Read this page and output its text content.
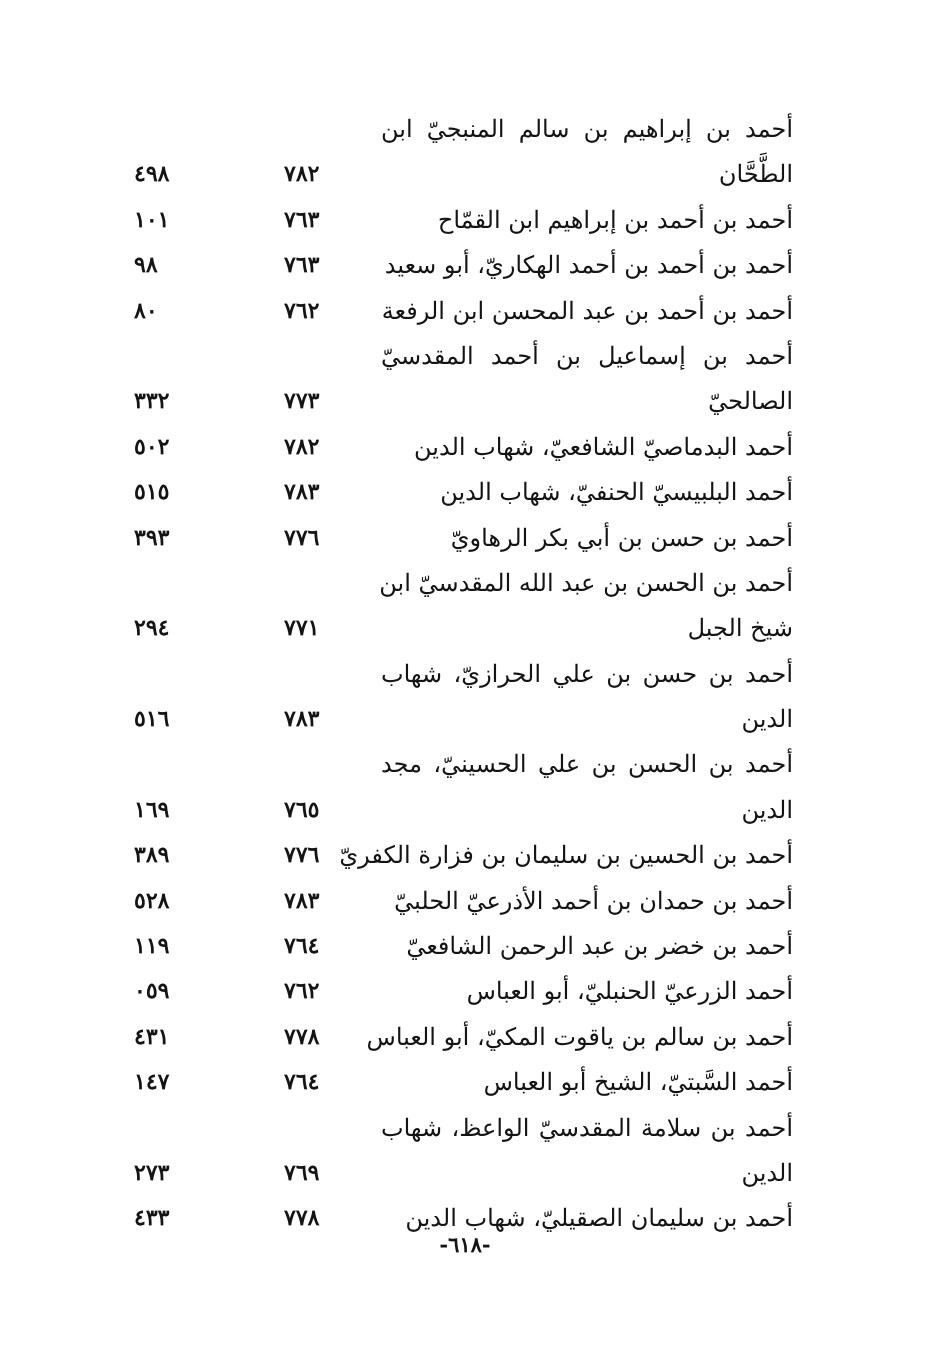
أحمد بن إبراهيم بن سالم المنبجيّ ابن
الطَّحَّان
٧٨٢
٤٩٨
أحمد بن أحمد بن إبراهيم ابن القمّاح
٧٦٣
١٠١
أحمد بن أحمد بن أحمد الهكاريّ، أبو سعيد
٧٦٣
٩٨
أحمد بن أحمد بن عبد المحسن ابن الرفعة
٧٦٢
٨٠
أحمد بن إسماعيل بن أحمد المقدسيّ
الصالحيّ
٧٧٣
٣٣٢
أحمد البدماصيّ الشافعيّ، شهاب الدين
٧٨٢
٥٠٢
أحمد البلبيسيّ الحنفيّ، شهاب الدين
٧٨٣
٥١٥
أحمد بن حسن بن أبي بكر الرهاويّ
٧٧٦
٣٩٣
أحمد بن الحسن بن عبد الله المقدسيّ ابن
شيخ الجبل
٧٧١
٢٩٤
أحمد بن حسن بن علي الحرازيّ، شهاب
الدين
٧٨٣
٥١٦
أحمد بن الحسن بن علي الحسينيّ، مجد
الدين
٧٦٥
١٦٩
أحمد بن الحسين بن سليمان بن فزارة الكفريّ
٧٧٦
٣٨٩
أحمد بن حمدان بن أحمد الأذرعيّ الحلبيّ
٧٨٣
٥٢٨
أحمد بن خضر بن عبد الرحمن الشافعيّ
٧٦٤
١١٩
أحمد الزرعيّ الحنبليّ، أبو العباس
٧٦٢
٠٥٩
أحمد بن سالم بن ياقوت المكيّ، أبو العباس
٧٧٨
٤٣١
أحمد السَّبتيّ، الشيخ أبو العباس
٧٦٤
١٤٧
أحمد بن سلامة المقدسيّ الواعظ، شهاب
الدين
٧٦٩
٢٧٣
أحمد بن سليمان الصقيليّ، شهاب الدين
٧٧٨
٤٣٣
-٦١٨-
